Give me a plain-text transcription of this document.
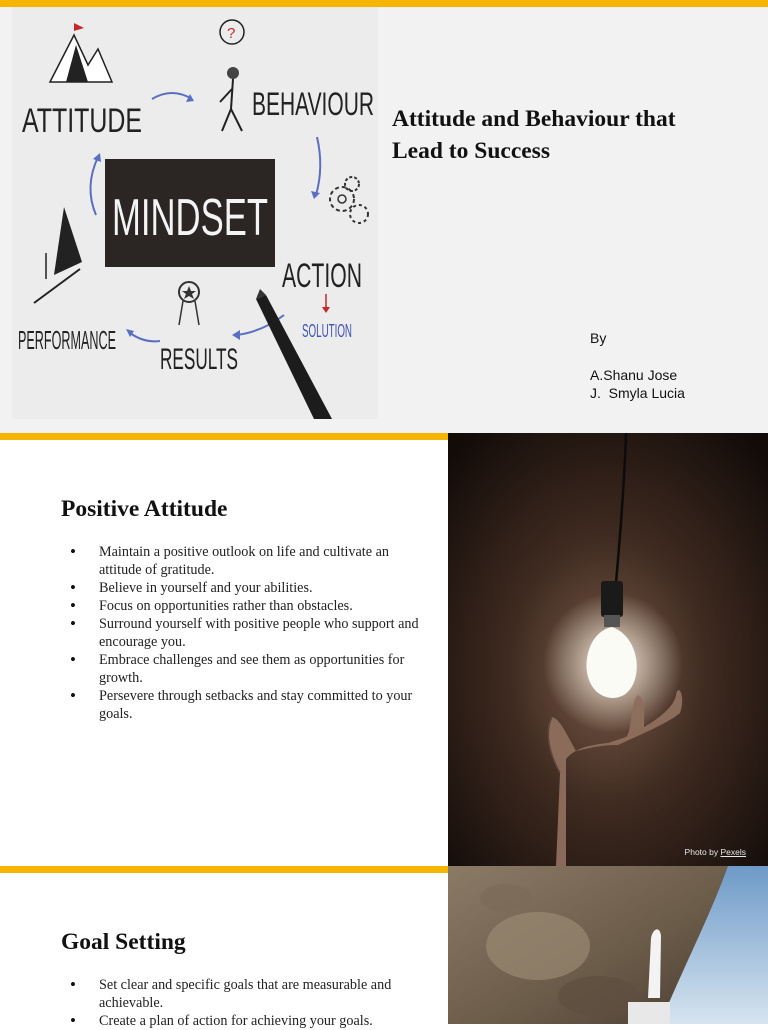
ATTITUDE
?
BEHAVIOUR
MINDSET
ACTION
SOLUTION
PERFORMANCE
RESULTS
Attitude and Behaviour that Lead to Success
By
A.Shanu Jose
J.  Smyla Lucia
Positive Attitude
• Maintain a positive outlook on life and cultivate an attitude of gratitude.
• Believe in yourself and your abilities.
• Focus on opportunities rather than obstacles.
• Surround yourself with positive people who support and encourage you.
• Embrace challenges and see them as opportunities for growth.
• Persevere through setbacks and stay committed to your goals.
Photo by Pexels
Goal Setting
• Set clear and specific goals that are measurable and achievable.
• Create a plan of action for achieving your goals.
